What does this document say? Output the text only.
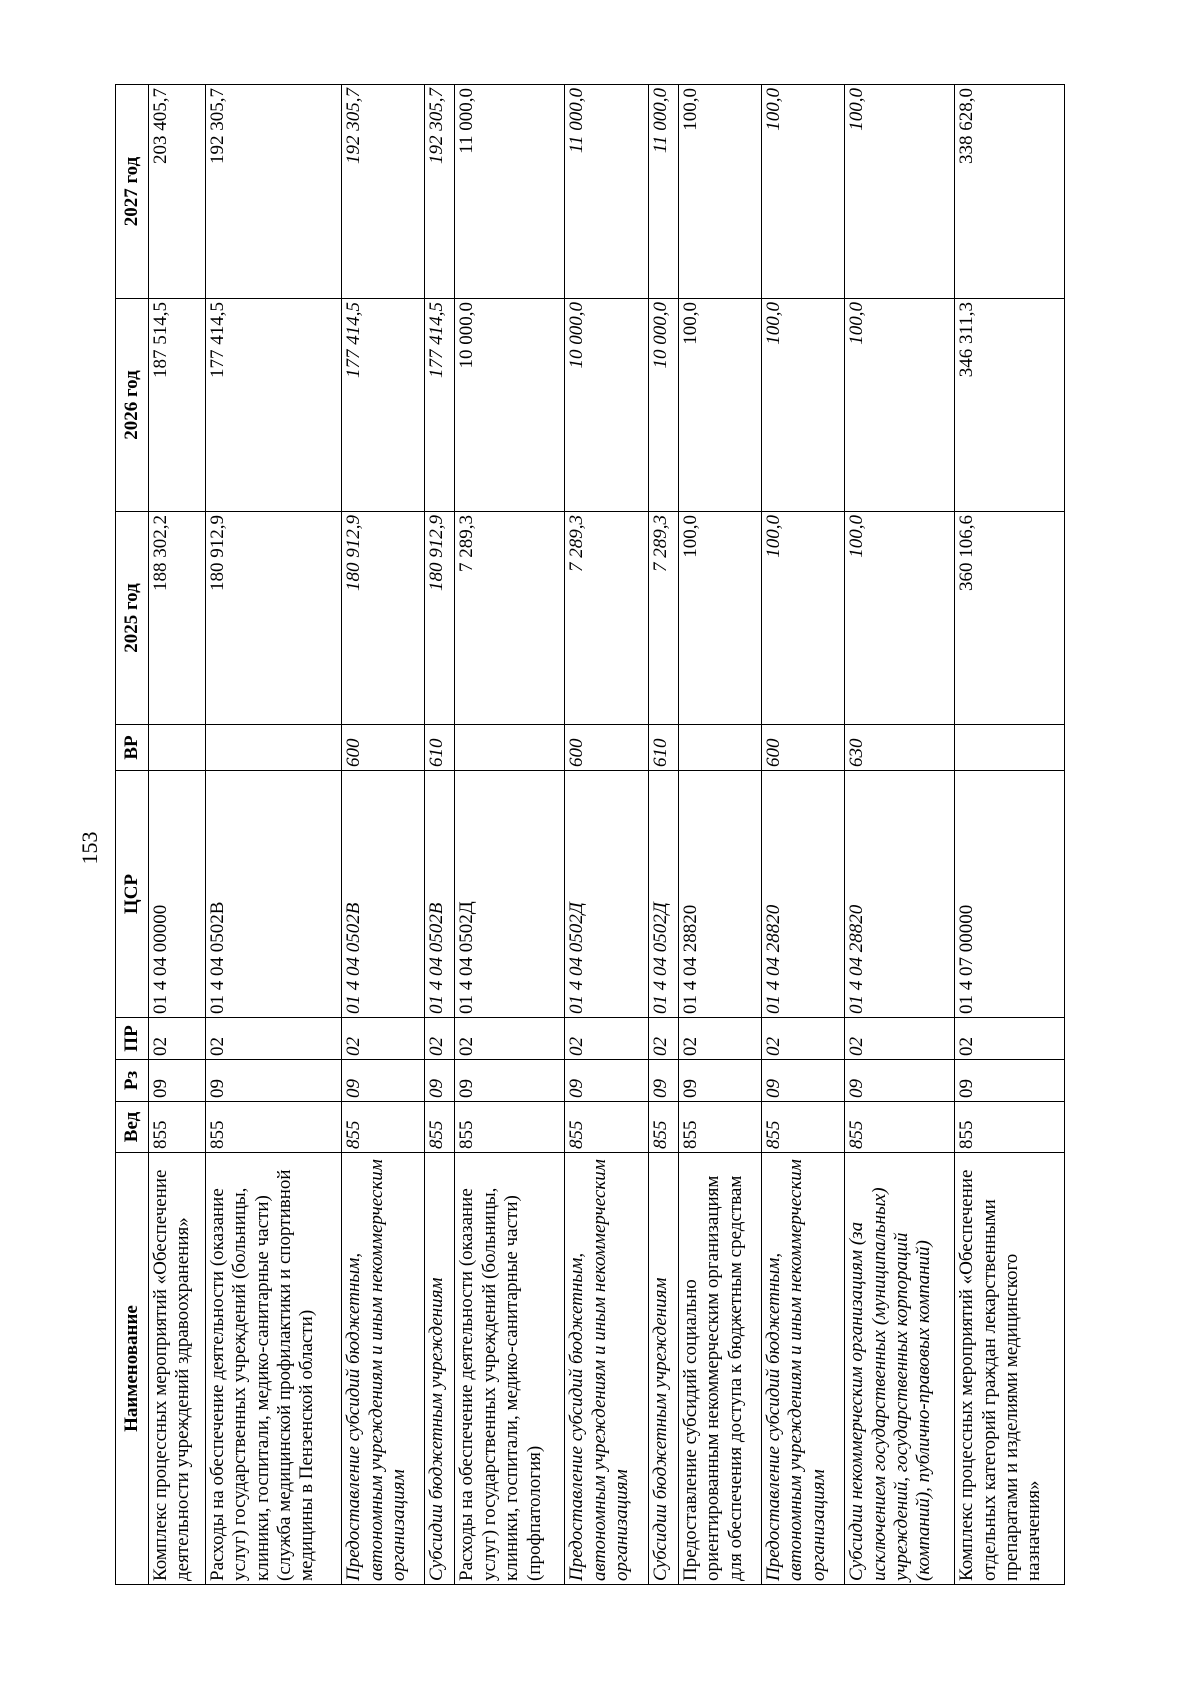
153
Наименование	Вед	Рз	ПР	ЦСР	ВР	2025 год	2026 год	2027 год
Комплекс процессных мероприятий «Обеспечение деятельности учреждений здравоохранения»	855	09	02	01 4 04 00000		188 302,2	187 514,5	203 405,7
Расходы на обеспечение деятельности (оказание услуг) государственных учреждений (больницы, клиники, госпитали, медико-санитарные части) (служба медицинской профилактики и спортивной медицины в Пензенской области)	855	09	02	01 4 04 0502В		180 912,9	177 414,5	192 305,7
Предоставление субсидий бюджетным, автономным учреждениям и иным некоммерческим организациям	855	09	02	01 4 04 0502В	600	180 912,9	177 414,5	192 305,7
Субсидии бюджетным учреждениям	855	09	02	01 4 04 0502В	610	180 912,9	177 414,5	192 305,7
Расходы на обеспечение деятельности (оказание услуг) государственных учреждений (больницы, клиники, госпитали, медико-санитарные части) (профпатология)	855	09	02	01 4 04 0502Д		7 289,3	10 000,0	11 000,0
Предоставление субсидий бюджетным, автономным учреждениям и иным некоммерческим организациям	855	09	02	01 4 04 0502Д	600	7 289,3	10 000,0	11 000,0
Субсидии бюджетным учреждениям	855	09	02	01 4 04 0502Д	610	7 289,3	10 000,0	11 000,0
Предоставление субсидий социально ориентированным некоммерческим организациям для обеспечения доступа к бюджетным средствам	855	09	02	01 4 04 28820		100,0	100,0	100,0
Предоставление субсидий бюджетным, автономным учреждениям и иным некоммерческим организациям	855	09	02	01 4 04 28820	600	100,0	100,0	100,0
Субсидии некоммерческим организациям (за исключением государственных (муниципальных) учреждений, государственных корпораций (компаний), публично-правовых компаний)	855	09	02	01 4 04 28820	630	100,0	100,0	100,0
Комплекс процессных мероприятий «Обеспечение отдельных категорий граждан лекарственными препаратами и изделиями медицинского назначения»	855	09	02	01 4 07 00000		360 106,6	346 311,3	338 628,0
